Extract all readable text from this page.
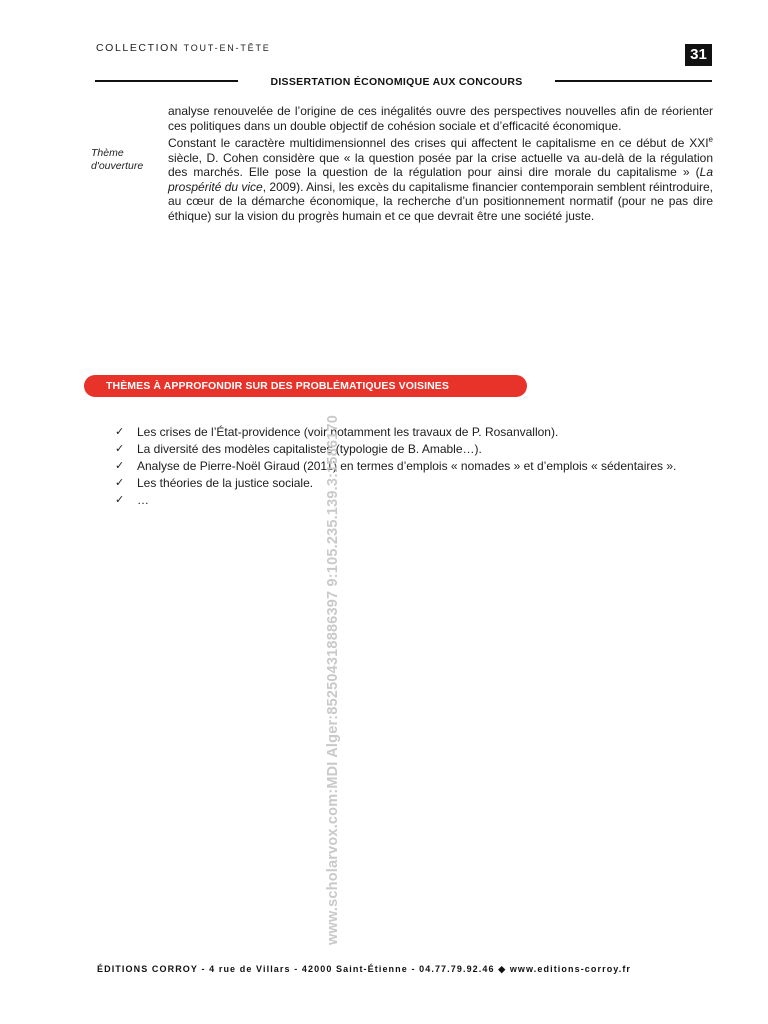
COLLECTION TOUT-EN-TÊTE	31
DISSERTATION ÉCONOMIQUE AUX CONCOURS
Thème d'ouverture

analyse renouvelée de l’origine de ces inégalités ouvre des perspectives nouvelles afin de réorienter ces politiques dans un double objectif de cohésion sociale et d’efficacité économique.

Constant le caractère multidimensionnel des crises qui affectent le capitalisme en ce début de XXIe siècle, D. Cohen considère que « la question posée par la crise actuelle va au-delà de la régulation des marchés. Elle pose la question de la régulation pour ainsi dire morale du capitalisme » (La prospérité du vice, 2009). Ainsi, les excès du capitalisme financier contemporain semblent réintroduire, au cœur de la démarche économique, la recherche d’un positionnement normatif (pour ne pas dire éthique) sur la vision du progrès humain et ce que devrait être une société juste.

THÈMES À APPROFONDIR SUR DES PROBLÉMATIQUES VOISINES
✓ Les crises de l’État-providence (voir notamment les travaux de P. Rosanvallon).
✓ La diversité des modèles capitalistes (typologie de B. Amable…).
✓ Analyse de Pierre-Noël Giraud (2011) en termes d’emplois « nomades » et d’emplois « sédentaires ».
✓ Les théories de la justice sociale.
✓ …	www.scholarvox.com:MDI Alger:852504318886397 9:105.235.139.3:1586170
ÉDITIONS CORROY - 4 rue de Villars - 42000 Saint-Étienne - 04.77.79.92.46 ◆ www.editions-corroy.fr
